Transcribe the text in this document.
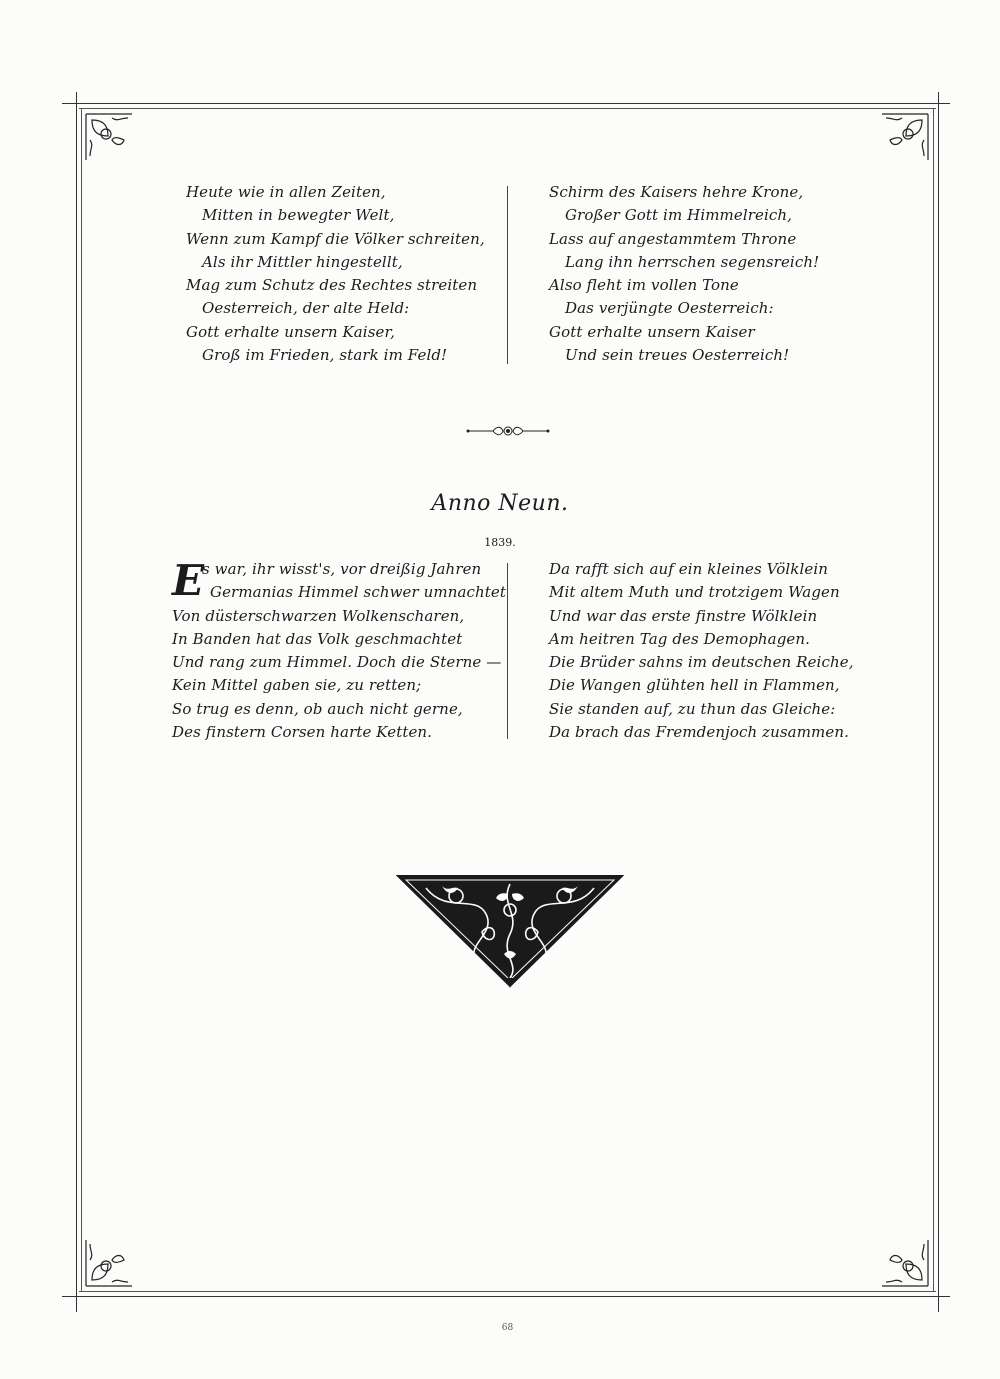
Heute wie in allen Zeiten,
Mitten in bewegter Welt,
Wenn zum Kampf die Völker schreiten,
Als ihr Mittler hingestellt,
Mag zum Schutz des Rechtes streiten
Oesterreich, der alte Held:
Gott erhalte unsern Kaiser,
Groß im Frieden, stark im Feld!
Schirm des Kaisers hehre Krone,
Großer Gott im Himmelreich,
Lass auf angestammtem Throne
Lang ihn herrschen segensreich!
Also fleht im vollen Tone
Das verjüngte Oesterreich:
Gott erhalte unsern Kaiser
Und sein treues Oesterreich!
Anno Neun.
1839.
E
s war, ihr wisst's, vor dreißig Jahren
Germanias Himmel schwer umnachtet
Von düsterschwarzen Wolkenscharen,
In Banden hat das Volk geschmachtet
Und rang zum Himmel. Doch die Sterne —
Kein Mittel gaben sie, zu retten;
So trug es denn, ob auch nicht gerne,
Des finstern Corsen harte Ketten.
Da rafft sich auf ein kleines Völklein
Mit altem Muth und trotzigem Wagen
Und war das erste finstre Wölklein
Am heitren Tag des Demophagen.
Die Brüder sahns im deutschen Reiche,
Die Wangen glühten hell in Flammen,
Sie standen auf, zu thun das Gleiche:
Da brach das Fremdenjoch zusammen.
68
